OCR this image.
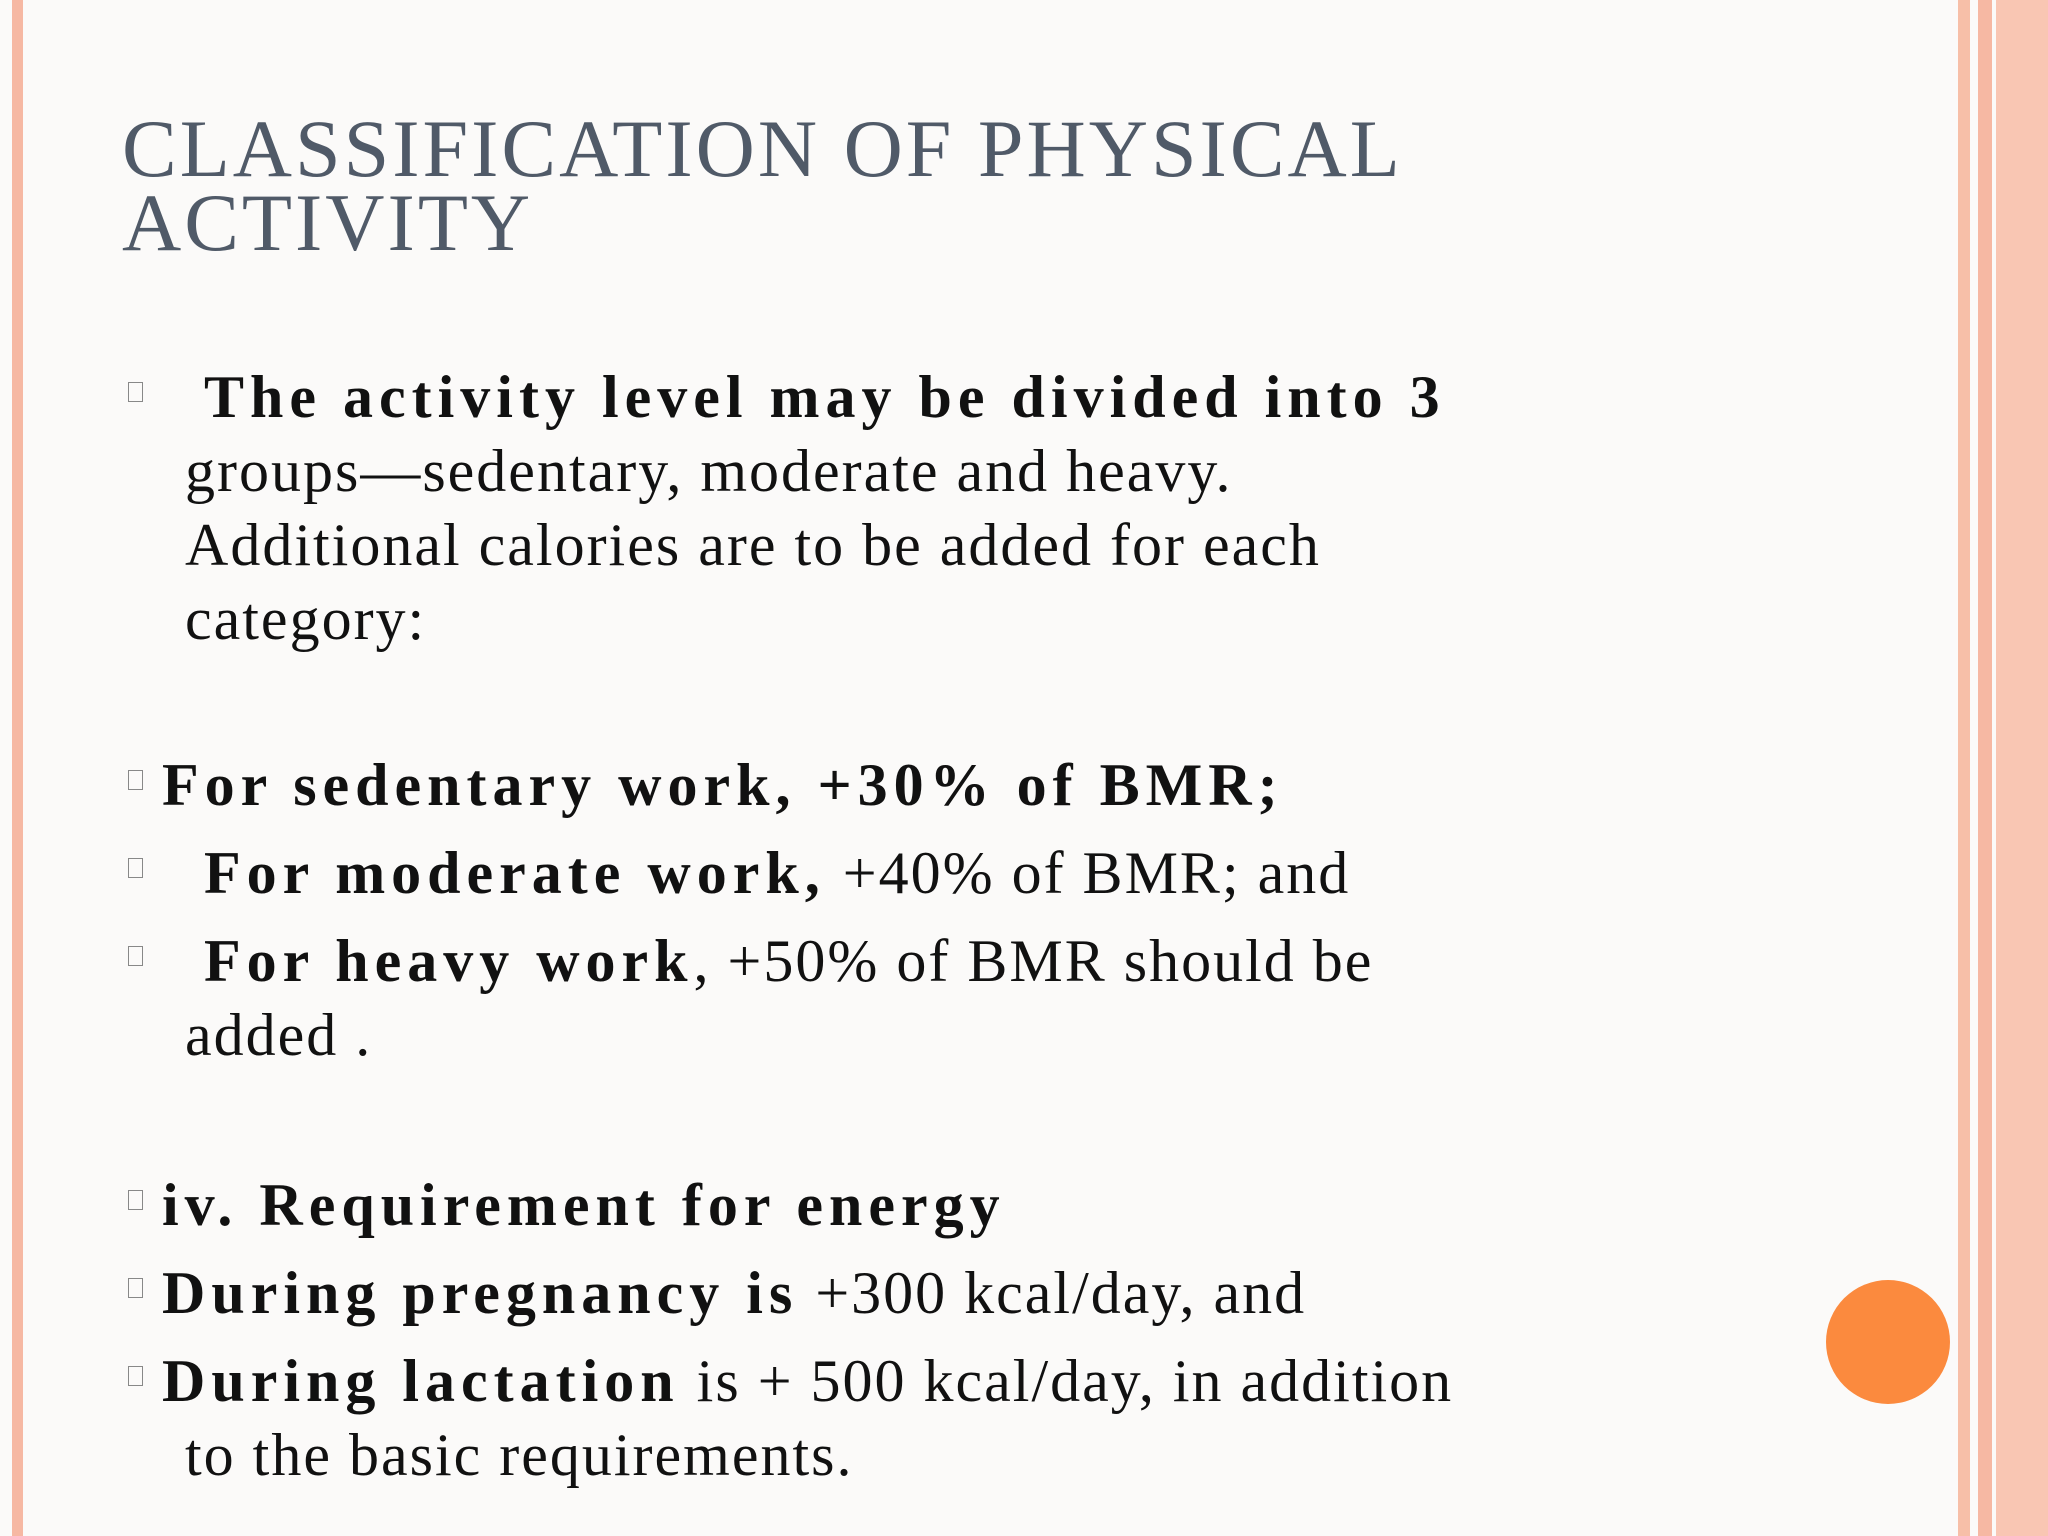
CLASSIFICATION OF PHYSICAL
ACTIVITY

The activity level may be divided into 3
groups—sedentary, moderate and heavy.
Additional calories are to be added for each
category:

For sedentary work, +30% of BMR;

For moderate work, +40% of BMR; and

For heavy work, +50% of BMR should be
added .

iv. Requirement for energy

During pregnancy is +300 kcal/day, and

During lactation is + 500 kcal/day, in addition
to the basic requirements.
